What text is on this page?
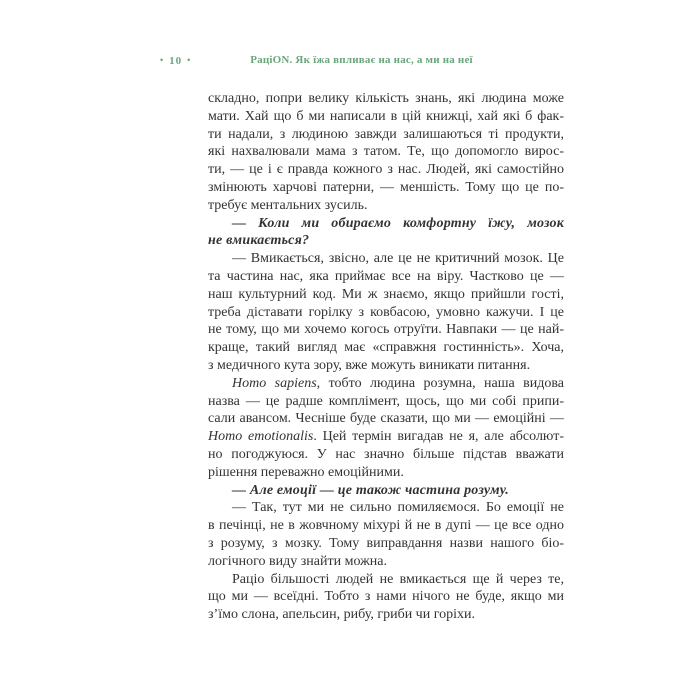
• 10 •	РаціON. Як їжа впливає на нас, а ми на неї
складно, попри велику кількість знань, які людина може
мати. Хай що б ми написали в цій книжці, хай які б фак-
ти надали, з людиною завжди залишаються ті продукти,
які нахвалювали мама з татом. Те, що допомогло вирос-
ти, — це і є правда кожного з нас. Людей, які самостійно
змінюють харчові патерни, — меншість. Тому що це по-
требує ментальних зусиль.
— Коли ми обираємо комфортну їжу, мозок
не вмикається?
— Вмикається, звісно, але це не критичний мозок. Це
та частина нас, яка приймає все на віру. Частково це —
наш культурний код. Ми ж знаємо, якщо прийшли гості,
треба діставати горілку з ковбасою, умовно кажучи. І це
не тому, що ми хочемо когось отруїти. Навпаки — це най-
краще, такий вигляд має «справжня гостинність». Хоча,
з медичного кута зору, вже можуть виникати питання.
Homo sapiens, тобто людина розумна, наша видова
назва — це радше комплімент, щось, що ми собі припи-
сали авансом. Чесніше буде сказати, що ми — емоційні —
Homo emotionalis. Цей термін вигадав не я, але абсолют-
но погоджуюся. У нас значно більше підстав вважати
рішення переважно емоційними.
— Але емоції — це також частина розуму.
— Так, тут ми не сильно помиляємося. Бо емоції не
в печінці, не в жовчному міхурі й не в дупі — це все одно
з розуму, з мозку. Тому виправдання назви нашого біо-
логічного виду знайти можна.
Раціо більшості людей не вмикається ще й через те,
що ми — всеїдні. Тобто з нами нічого не буде, якщо ми
з’їмо слона, апельсин, рибу, гриби чи горіхи.
